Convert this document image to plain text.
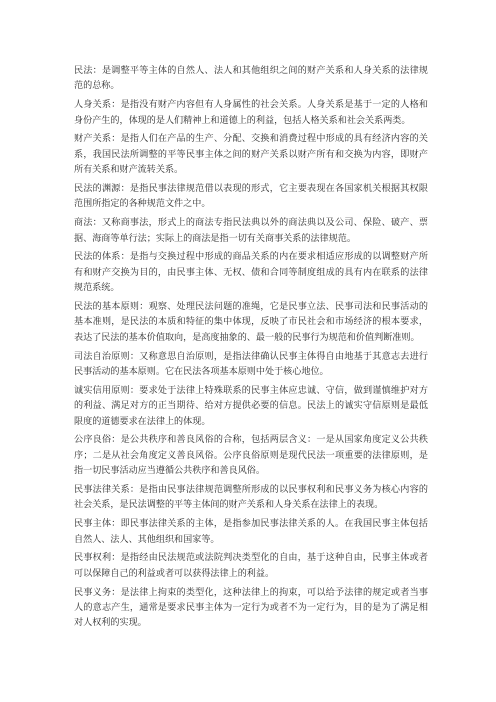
民法：是调整平等主体的自然人、法人和其他组织之间的财产关系和人身关系的法律规范的总称。

人身关系：是指没有财产内容但有人身属性的社会关系。人身关系是基于一定的人格和身份产生的，体现的是人们精神上和道德上的利益，包括人格关系和社会关系两类。

财产关系：是指人们在产品的生产、分配、交换和消费过程中形成的具有经济内容的关系，我国民法所调整的平等民事主体之间的财产关系以财产所有和交换为内容，即财产所有关系和财产流转关系。

民法的渊源：是指民事法律规范借以表现的形式，它主要表现在各国家机关根据其权限范围所指定的各种规范文件之中。

商法：又称商事法，形式上的商法专指民法典以外的商法典以及公司、保险、破产、票据、海商等单行法；实际上的商法是指一切有关商事关系的法律规范。

民法的体系：是指与交换过程中形成的商品关系的内在要求相适应形成的以调整财产所有和财产交换为目的，由民事主体、无权、债和合同等制度组成的具有内在联系的法律规范系统。

民法的基本原则：观察、处理民法问题的准绳，它是民事立法、民事司法和民事活动的基本准则，是民法的本质和特征的集中体现，反映了市民社会和市场经济的根本要求，表达了民法的基本价值取向，是高度抽象的、最一般的民事行为规范和价值判断准则。

司法自治原则：又称意思自治原则，是指法律确认民事主体得自由地基于其意志去进行民事活动的基本原则。它在民法各项基本原则中处于核心地位。

诚实信用原则：要求处于法律上特殊联系的民事主体应忠诚、守信，做到谨慎维护对方的利益、满足对方的正当期待、给对方提供必要的信息。民法上的诚实守信原则是最低限度的道德要求在法律上的体现。

公序良俗：是公共秩序和善良风俗的合称，包括两层含义：一是从国家角度定义公共秩序；二是从社会角度定义善良风俗。公序良俗原则是现代民法一项重要的法律原则，是指一切民事活动应当遵循公共秩序和善良风俗。

民事法律关系：是指由民事法律规范调整所形成的以民事权利和民事义务为核心内容的社会关系，是民法调整的平等主体间的财产关系和人身关系在法律上的表现。

民事主体：即民事法律关系的主体，是指参加民事法律关系的人。在我国民事主体包括自然人、法人、其他组织和国家等。

民事权利：是指经由民法规范或法院判决类型化的自由，基于这种自由，民事主体或者可以保障自己的利益或者可以获得法律上的利益。

民事义务：是法律上拘束的类型化，这种法律上的拘束，可以给予法律的规定或者当事人的意志产生，通常是要求民事主体为一定行为或者不为一定行为，目的是为了满足相对人权利的实现。
